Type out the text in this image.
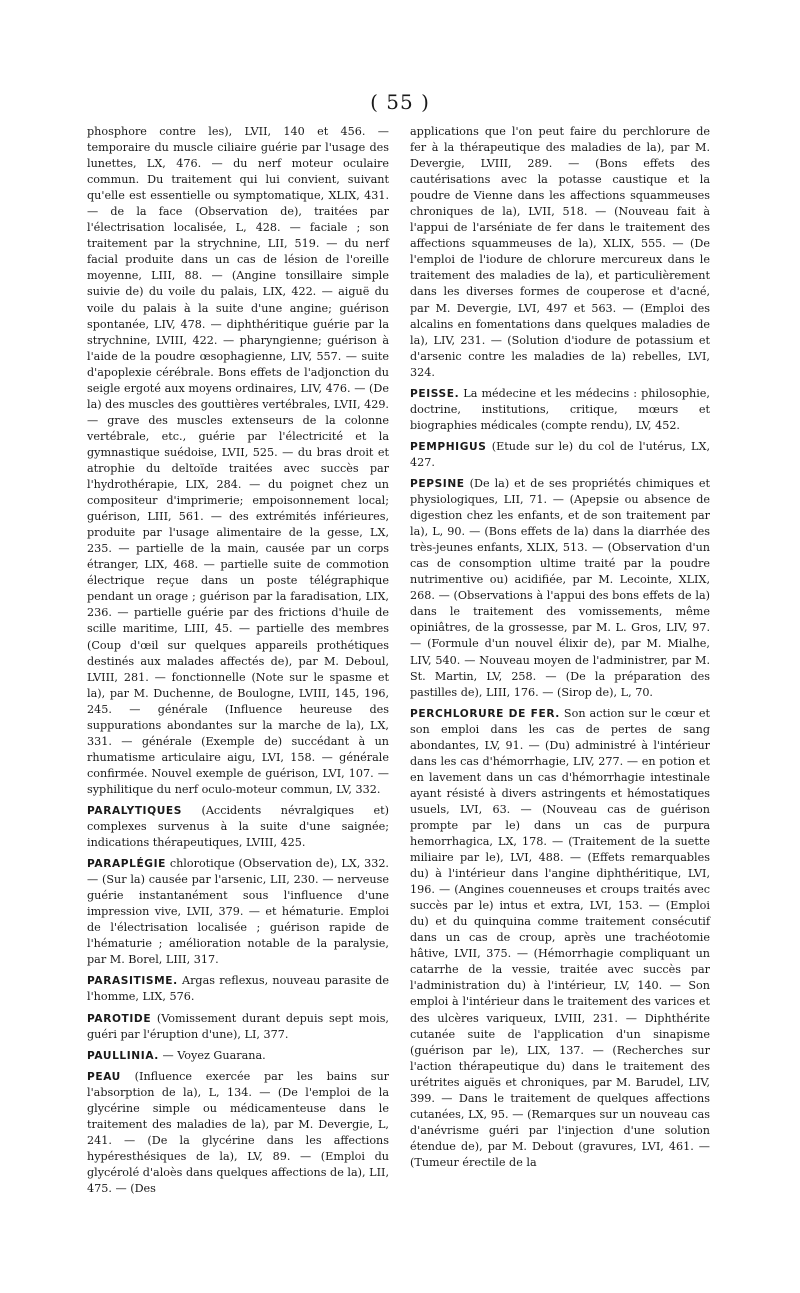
( 55 )

phosphore contre les), LVII, 140 et 456. — temporaire du muscle ciliaire guérie par l'usage des lunettes, LX, 476. — du nerf moteur oculaire commun. Du traitement qui lui convient, suivant qu'elle est essentielle ou symptomatique, XLIX, 431. — de la face (Observation de), traitées par l'électrisation localisée, L, 428. — faciale ; son traitement par la strychnine, LII, 519. — du nerf facial produite dans un cas de lésion de l'oreille moyenne, LIII, 88. — (Angine tonsillaire simple suivie de) du voile du palais, LIX, 422. — aiguë du voile du palais à la suite d'une angine; guérison spontanée, LIV, 478. — diphthéritique guérie par la strychnine, LVIII, 422. — pharyngienne; guérison à l'aide de la poudre œsophagienne, LIV, 557. — suite d'apoplexie cérébrale. Bons effets de l'adjonction du seigle ergoté aux moyens ordinaires, LIV, 476. — (De la) des muscles des gouttières vertébrales, LVII, 429. — grave des muscles extenseurs de la colonne vertébrale, etc., guérie par l'électricité et la gymnastique suédoise, LVII, 525. — du bras droit et atrophie du deltoïde traitées avec succès par l'hydrothérapie, LIX, 284. — du poignet chez un compositeur d'imprimerie; empoisonnement local; guérison, LIII, 561. — des extrémités inférieures, produite par l'usage alimentaire de la gesse, LX, 235. — partielle de la main, causée par un corps étranger, LIX, 468. — partielle suite de commotion électrique reçue dans un poste télégraphique pendant un orage ; guérison par la faradisation, LIX, 236. — partielle guérie par des frictions d'huile de scille maritime, LIII, 45. — partielle des membres (Coup d'œil sur quelques appareils prothétiques destinés aux malades affectés de), par M. Deboul, LVIII, 281. — fonctionnelle (Note sur le spasme et la), par M. Duchenne, de Boulogne, LVIII, 145, 196, 245. — générale (Influence heureuse des suppurations abondantes sur la marche de la), LX, 331. — générale (Exemple de) succédant à un rhumatisme articulaire aigu, LVI, 158. — générale confirmée. Nouvel exemple de guérison, LVI, 107. — syphilitique du nerf oculo-moteur commun, LV, 332.

PARALYTIQUES (Accidents névralgiques et) complexes survenus à la suite d'une saignée; indications thérapeutiques, LVIII, 425.

PARAPLÉGIE chlorotique (Observation de), LX, 332. — (Sur la) causée par l'arsenic, LII, 230. — nerveuse guérie instantanément sous l'influence d'une impression vive, LVII, 379. — et hématurie. Emploi de l'électrisation localisée ; guérison rapide de l'hématurie ; amélioration notable de la paralysie, par M. Borel, LIII, 317.

PARASITISME. Argas reflexus, nouveau parasite de l'homme, LIX, 576.

PAROTIDE (Vomissement durant depuis sept mois, guéri par l'éruption d'une), LI, 377.

PAULLINIA. — Voyez Guarana.

PEAU (Influence exercée par les bains sur l'absorption de la), L, 134. — (De l'emploi de la glycérine simple ou médicamenteuse dans le traitement des maladies de la), par M. Devergie, L, 241. — (De la glycérine dans les affections hypéresthésiques de la), LV, 89. — (Emploi du glycérolé d'aloès dans quelques affections de la), LII, 475. — (Des

applications que l'on peut faire du perchlorure de fer à la thérapeutique des maladies de la), par M. Devergie, LVIII, 289. — (Bons effets des cautérisations avec la potasse caustique et la poudre de Vienne dans les affections squammeuses chroniques de la), LVII, 518. — (Nouveau fait à l'appui de l'arséniate de fer dans le traitement des affections squammeuses de la), XLIX, 555. — (De l'emploi de l'iodure de chlorure mercureux dans le traitement des maladies de la), et particulièrement dans les diverses formes de couperose et d'acné, par M. Devergie, LVI, 497 et 563. — (Emploi des alcalins en fomentations dans quelques maladies de la), LIV, 231. — (Solution d'iodure de potassium et d'arsenic contre les maladies de la) rebelles, LVI, 324.

PEISSE. La médecine et les médecins : philosophie, doctrine, institutions, critique, mœurs et biographies médicales (compte rendu), LV, 452.

PEMPHIGUS (Etude sur le) du col de l'utérus, LX, 427.

PEPSINE (De la) et de ses propriétés chimiques et physiologiques, LII, 71. — (Apepsie ou absence de digestion chez les enfants, et de son traitement par la), L, 90. — (Bons effets de la) dans la diarrhée des très-jeunes enfants, XLIX, 513. — (Observation d'un cas de consomption ultime traité par la poudre nutrimentive ou) acidifiée, par M. Lecointe, XLIX, 268. — (Observations à l'appui des bons effets de la) dans le traitement des vomissements, même opiniâtres, de la grossesse, par M. L. Gros, LIV, 97. — (Formule d'un nouvel élixir de), par M. Mialhe, LIV, 540. — Nouveau moyen de l'administrer, par M. St. Martin, LV, 258. — (De la préparation des pastilles de), LIII, 176. — (Sirop de), L, 70.

PERCHLORURE DE FER. Son action sur le cœur et son emploi dans les cas de pertes de sang abondantes, LV, 91. — (Du) administré à l'intérieur dans les cas d'hémorrhagie, LIV, 277. — en potion et en lavement dans un cas d'hémorrhagie intestinale ayant résisté à divers astringents et hémostatiques usuels, LVI, 63. — (Nouveau cas de guérison prompte par le) dans un cas de purpura hemorrhagica, LX, 178. — (Traitement de la suette miliaire par le), LVI, 488. — (Effets remarquables du) à l'intérieur dans l'angine diphthéritique, LVI, 196. — (Angines couenneuses et croups traités avec succès par le) intus et extra, LVI, 153. — (Emploi du) et du quinquina comme traitement consécutif dans un cas de croup, après une trachéotomie hâtive, LVII, 375. — (Hémorrhagie compliquant un catarrhe de la vessie, traitée avec succès par l'administration du) à l'intérieur, LV, 140. — Son emploi à l'intérieur dans le traitement des varices et des ulcères variqueux, LVIII, 231. — Diphthérite cutanée suite de l'application d'un sinapisme (guérison par le), LIX, 137. — (Recherches sur l'action thérapeutique du) dans le traitement des urétrites aiguës et chroniques, par M. Barudel, LIV, 399. — Dans le traitement de quelques affections cutanées, LX, 95. — (Remarques sur un nouveau cas d'anévrisme guéri par l'injection d'une solution étendue de), par M. Debout (gravures, LVI, 461. — (Tumeur érectile de la
